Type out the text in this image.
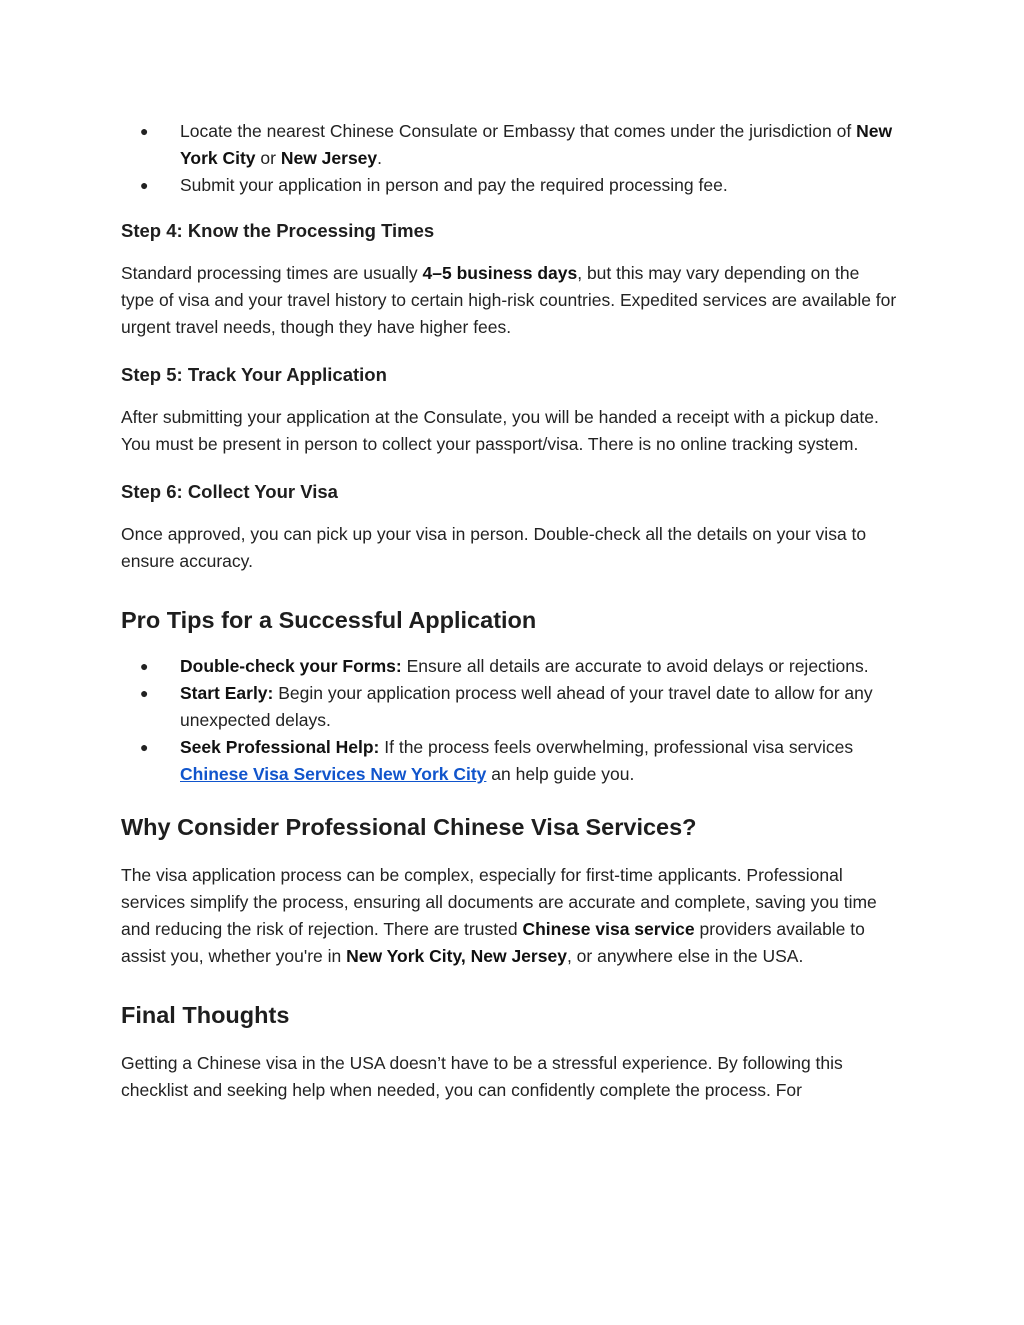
● Locate the nearest Chinese Consulate or Embassy that comes under the jurisdiction of New York City or New Jersey.
● Submit your application in person and pay the required processing fee.
Step 4: Know the Processing Times

Standard processing times are usually 4–5 business days, but this may vary depending on the type of visa and your travel history to certain high-risk countries. Expedited services are available for urgent travel needs, though they have higher fees.

Step 5: Track Your Application

After submitting your application at the Consulate, you will be handed a receipt with a pickup date. You must be present in person to collect your passport/visa. There is no online tracking system.

Step 6: Collect Your Visa

Once approved, you can pick up your visa in person. Double-check all the details on your visa to ensure accuracy.

Pro Tips for a Successful Application
● Double-check your Forms: Ensure all details are accurate to avoid delays or rejections.
● Start Early: Begin your application process well ahead of your travel date to allow for any unexpected delays.
● Seek Professional Help: If the process feels overwhelming, professional visa services
Chinese Visa Services New York City an help guide you.
Why Consider Professional Chinese Visa Services?

The visa application process can be complex, especially for first-time applicants. Professional services simplify the process, ensuring all documents are accurate and complete, saving you time and reducing the risk of rejection. There are trusted Chinese visa service providers available to assist you, whether you're in New York City, New Jersey, or anywhere else in the USA.

Final Thoughts

Getting a Chinese visa in the USA doesn’t have to be a stressful experience. By following this checklist and seeking help when needed, you can confidently complete the process. For
